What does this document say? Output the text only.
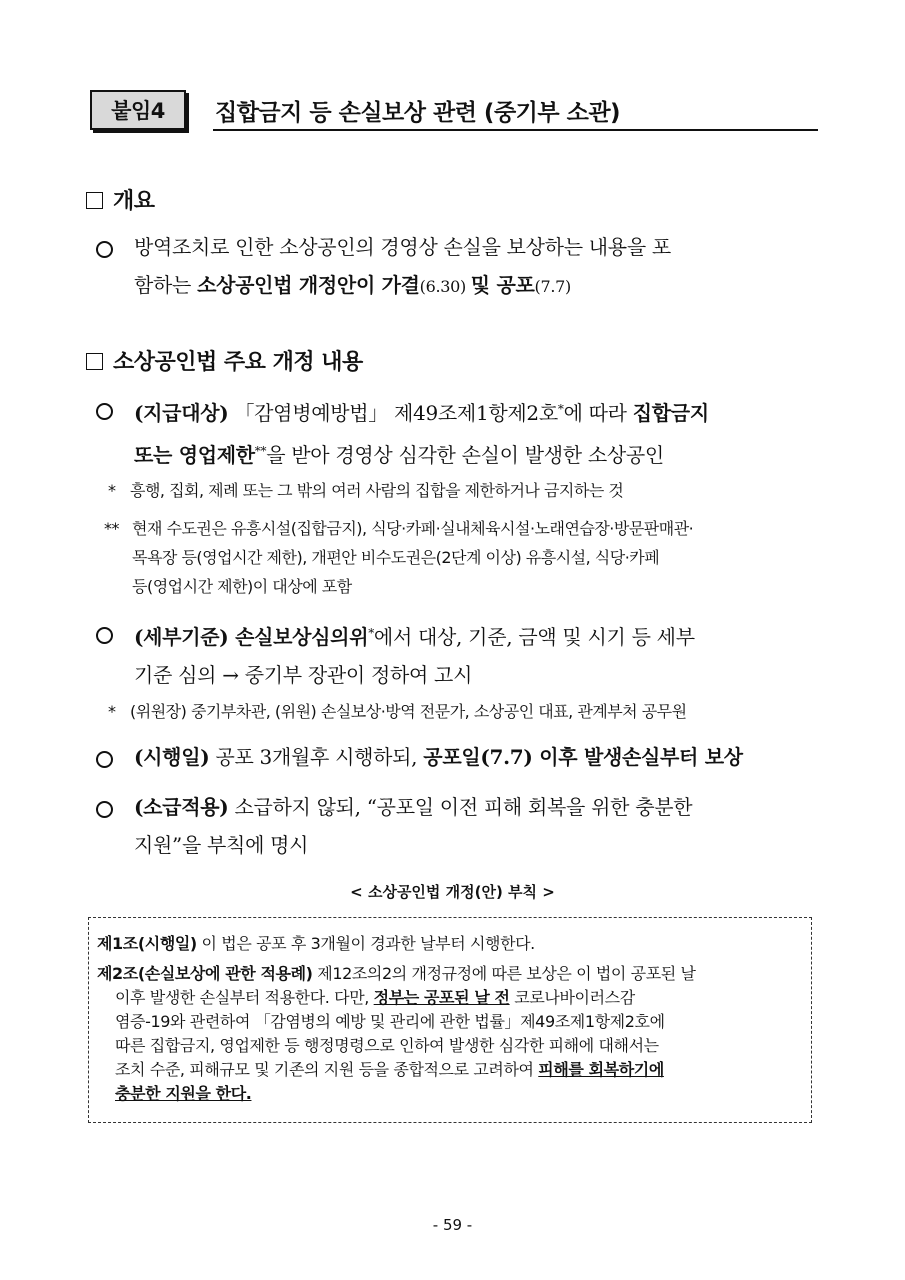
붙임4 집합금지 등 손실보상 관련 (중기부 소관)
개요
방역조치로 인한 소상공인의 경영상 손실을 보상하는 내용을 포
함하는 소상공인법 개정안이 가결(6.30) 및 공포(7.7)
소상공인법 주요 개정 내용
(지급대상) 「감염병예방법」 제49조제1항제2호*에 따라 집합금지
또는 영업제한**을 받아 경영상 심각한 손실이 발생한 소상공인
* 흥행, 집회, 제례 또는 그 밖의 여러 사람의 집합을 제한하거나 금지하는 것
** 현재 수도권은 유흥시설(집합금지), 식당·카페·실내체육시설·노래연습장·방문판매관·
목욕장 등(영업시간 제한), 개편안 비수도권은(2단계 이상) 유흥시설, 식당·카페
등(영업시간 제한)이 대상에 포함
(세부기준) 손실보상심의위*에서 대상, 기준, 금액 및 시기 등 세부
기준 심의 → 중기부 장관이 정하여 고시
* (위원장) 중기부차관, (위원) 손실보상·방역 전문가, 소상공인 대표, 관계부처 공무원
(시행일) 공포 3개월후 시행하되, 공포일(7.7) 이후 발생손실부터 보상
(소급적용) 소급하지 않되, “공포일 이전 피해 회복을 위한 충분한
지원”을 부칙에 명시
< 소상공인법 개정(안) 부칙 >
제1조(시행일) 이 법은 공포 후 3개월이 경과한 날부터 시행한다.
제2조(손실보상에 관한 적용례) 제12조의2의 개정규정에 따른 보상은 이 법이 공포된 날
이후 발생한 손실부터 적용한다. 다만, 정부는 공포된 날 전 코로나바이러스감
염증-19와 관련하여 「감염병의 예방 및 관리에 관한 법률」제49조제1항제2호에
따른 집합금지, 영업제한 등 행정명령으로 인하여 발생한 심각한 피해에 대해서는
조치 수준, 피해규모 및 기존의 지원 등을 종합적으로 고려하여 피해를 회복하기에
충분한 지원을 한다.
- 59 -
